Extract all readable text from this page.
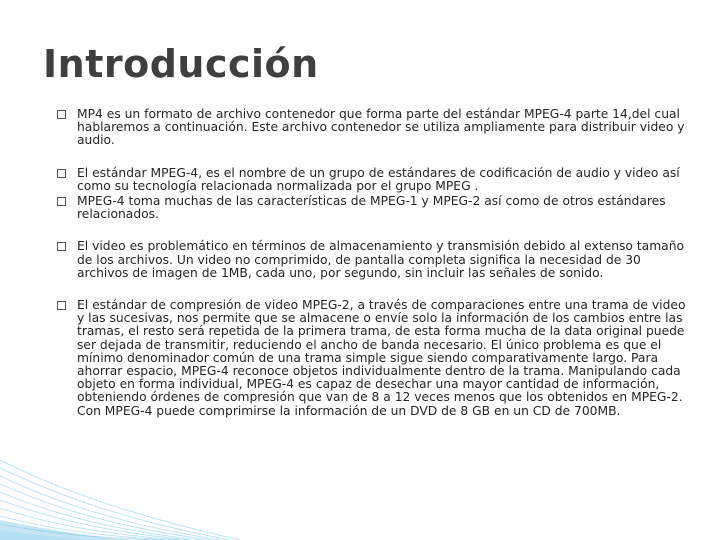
Introducción
MP4 es un formato de archivo contenedor que forma parte del estándar MPEG-4 parte 14,del cual hablaremos a continuación. Este archivo contenedor se utiliza ampliamente para distribuir video y audio.
El estándar MPEG-4, es el nombre de un grupo de estándares de codificación de audio y video así como su tecnología relacionada normalizada por el grupo MPEG .
MPEG-4 toma muchas de las características de MPEG-1 y MPEG-2 así como de otros estándares relacionados.
El video es problemático en términos de almacenamiento y transmisión debido al extenso tamaño de los archivos. Un video no comprimido, de pantalla completa significa la necesidad de 30 archivos de imagen de 1MB, cada uno, por segundo, sin incluir las señales de sonido.
El estándar de compresión de video MPEG-2, a través de comparaciones entre una trama de video y las sucesivas, nos permite que se almacene o envíe solo la información de los cambios entre las tramas, el resto será repetida de la primera trama, de esta forma mucha de la data original puede ser dejada de transmitir, reduciendo el ancho de banda necesario. El único problema es que el mínimo denominador común de una trama simple sigue siendo comparativamente largo. Para ahorrar espacio, MPEG-4 reconoce objetos individualmente dentro de la trama. Manipulando cada objeto en forma individual, MPEG-4 es capaz de desechar una mayor cantidad de información, obteniendo órdenes de compresión que van de 8 a 12 veces menos que los obtenidos en MPEG-2. Con MPEG-4 puede comprimirse la información de un DVD de 8 GB en un CD de 700MB.
